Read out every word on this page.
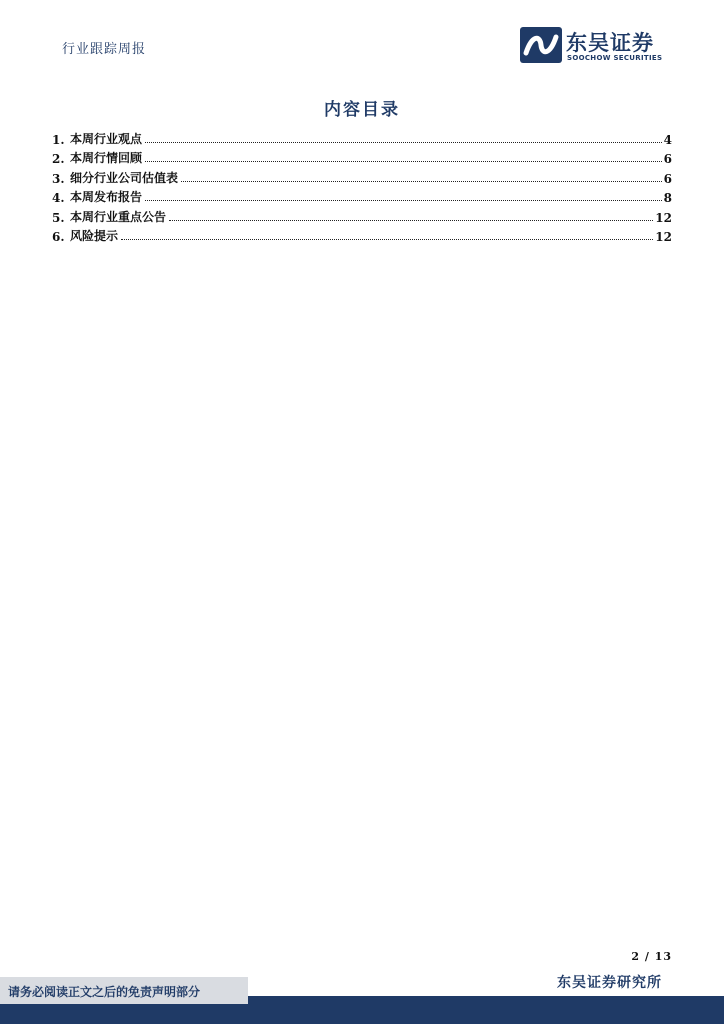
行业跟踪周报	东吴证券
SOOCHOW SECURITIES
内容目录
1. 本周行业观点	4
2. 本周行情回顾	6
3. 细分行业公司估值表	6
4. 本周发布报告	8
5. 本周行业重点公告	12
6. 风险提示	12
2 / 13
东吴证券研究所
请务必阅读正文之后的免责声明部分
